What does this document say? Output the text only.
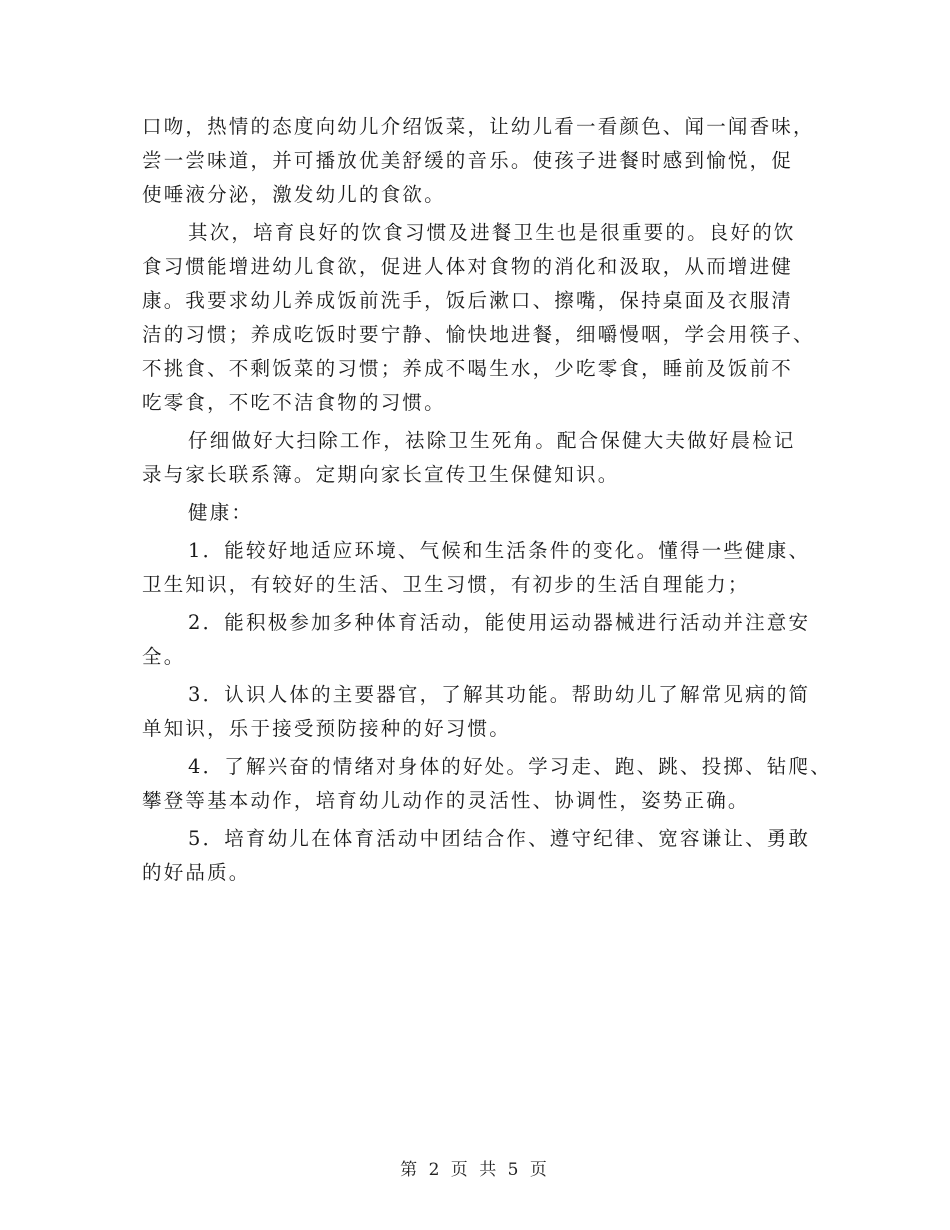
口吻，热情的态度向幼儿介绍饭菜，让幼儿看一看颜色、闻一闻香味，
尝一尝味道，并可播放优美舒缓的音乐。使孩子进餐时感到愉悦，促
使唾液分泌，激发幼儿的食欲。
其次，培育良好的饮食习惯及进餐卫生也是很重要的。良好的饮
食习惯能增进幼儿食欲，促进人体对食物的消化和汲取，从而增进健
康。我要求幼儿养成饭前洗手，饭后漱口、擦嘴，保持桌面及衣服清
洁的习惯；养成吃饭时要宁静、愉快地进餐，细嚼慢咽，学会用筷子、
不挑食、不剩饭菜的习惯；养成不喝生水，少吃零食，睡前及饭前不
吃零食，不吃不洁食物的习惯。
仔细做好大扫除工作，祛除卫生死角。配合保健大夫做好晨检记
录与家长联系簿。定期向家长宣传卫生保健知识。
健康：
1．能较好地适应环境、气候和生活条件的变化。懂得一些健康、
卫生知识，有较好的生活、卫生习惯，有初步的生活自理能力；
2．能积极参加多种体育活动，能使用运动器械进行活动并注意安
全。
3．认识人体的主要器官，了解其功能。帮助幼儿了解常见病的简
单知识，乐于接受预防接种的好习惯。
4．了解兴奋的情绪对身体的好处。学习走、跑、跳、投掷、钻爬、
攀登等基本动作，培育幼儿动作的灵活性、协调性，姿势正确。
5．培育幼儿在体育活动中团结合作、遵守纪律、宽容谦让、勇敢
的好品质。
第 2 页 共 5 页
